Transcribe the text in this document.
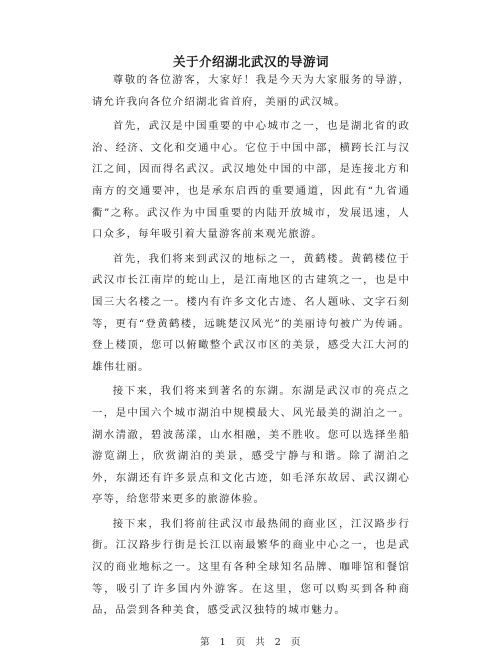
关于介绍湖北武汉的导游词

尊敬的各位游客，大家好！我是今天为大家服务的导游，请允许我向各位介绍湖北省首府，美丽的武汉城。

首先，武汉是中国重要的中心城市之一，也是湖北省的政治、经济、文化和交通中心。它位于中国中部，横跨长江与汉江之间，因而得名武汉。武汉地处中国的中部，是连接北方和南方的交通要冲，也是承东启西的重要通道，因此有“九省通衢”之称。武汉作为中国重要的内陆开放城市，发展迅速，人口众多，每年吸引着大量游客前来观光旅游。

首先，我们将来到武汉的地标之一，黄鹤楼。黄鹤楼位于武汉市长江南岸的蛇山上，是江南地区的古建筑之一，也是中国三大名楼之一。楼内有许多文化古迹、名人题咏、文字石刻等，更有“登黄鹤楼，远眺楚汉风光”的美丽诗句被广为传诵。登上楼顶，您可以俯瞰整个武汉市区的美景，感受大江大河的雄伟壮丽。

接下来，我们将来到著名的东湖。东湖是武汉市的亮点之一，是中国六个城市湖泊中规模最大、风光最美的湖泊之一。湖水清澈，碧波荡漾，山水相融，美不胜收。您可以选择坐船游览湖上，欣赏湖泊的美景，感受宁静与和谐。除了湖泊之外，东湖还有许多景点和文化古迹，如毛泽东故居、武汉湖心亭等，给您带来更多的旅游体验。

接下来，我们将前往武汉市最热闹的商业区，江汉路步行街。江汉路步行街是长江以南最繁华的商业中心之一，也是武汉的商业地标之一。这里有各种全球知名品牌、咖啡馆和餐馆等，吸引了许多国内外游客。在这里，您可以购买到各种商品，品尝到各种美食，感受武汉独特的城市魅力。

第 1 页 共 2 页
